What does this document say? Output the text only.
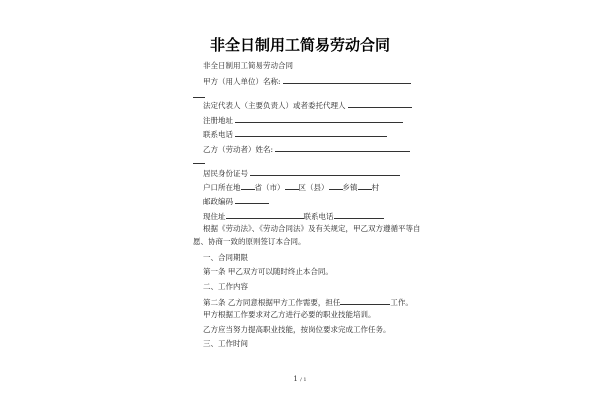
非全日制用工简易劳动合同
非全日制用工简易劳动合同
甲方（用人单位）名称:
法定代表人（主要负责人）或者委托代理人
注册地址
联系电话
乙方（劳动者）姓名:
居民身份证号
户口所在地 省（市） 区（县） 乡镇 村
邮政编码
现住址	联系电话
根据《劳动法》、《劳动合同法》及有关规定，甲乙双方遵循平等自
愿、协商一致的原则签订本合同。
一、合同期限
第一条 甲乙双方可以随时终止本合同。
二、工作内容
第二条 乙方同意根据甲方工作需要，担任	工作。
甲方根据工作要求对乙方进行必要的职业技能培训。
乙方应当努力提高职业技能，按岗位要求完成工作任务。
三、工作时间
1 / 1
